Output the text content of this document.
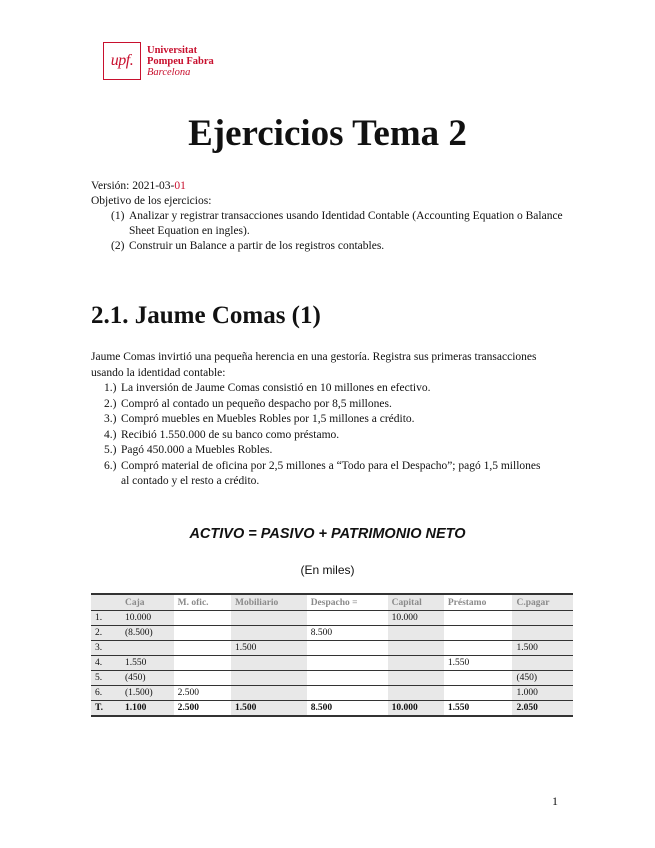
upf.
Universitat
Pompeu Fabra
Barcelona
Ejercicios Tema 2
Versión: 2021-03-01
Objetivo de los ejercicios:
(1) Analizar y registrar transacciones usando Identidad Contable (Accounting Equation o Balance Sheet Equation en ingles).
(2) Construir un Balance a partir de los registros contables.
2.1. Jaume Comas (1)
Jaume Comas invirtió una pequeña herencia en una gestoría. Registra sus primeras transacciones usando la identidad contable:
1.) La inversión de Jaume Comas consistió en 10 millones en efectivo.
2.) Compró al contado un pequeño despacho por 8,5 millones.
3.) Compró muebles en Muebles Robles por 1,5 millones a crédito.
4.) Recibió 1.550.000 de su banco como préstamo.
5.) Pagó 450.000 a Muebles Robles.
6.) Compró material de oficina por 2,5 millones a “Todo para el Despacho”; pagó 1,5 millones al contado y el resto a crédito.
ACTIVO = PASIVO + PATRIMONIO NETO
(En miles)
	Caja	M. ofic.	Mobiliario	Despacho =	Capital	Préstamo	C.pagar
1.	10.000				10.000		
2.	(8.500)			8.500			
3.			1.500				1.500
4.	1.550					1.550	
5.	(450)						(450)
6.	(1.500)	2.500					1.000
T.	1.100	2.500	1.500	8.500	10.000	1.550	2.050
1
